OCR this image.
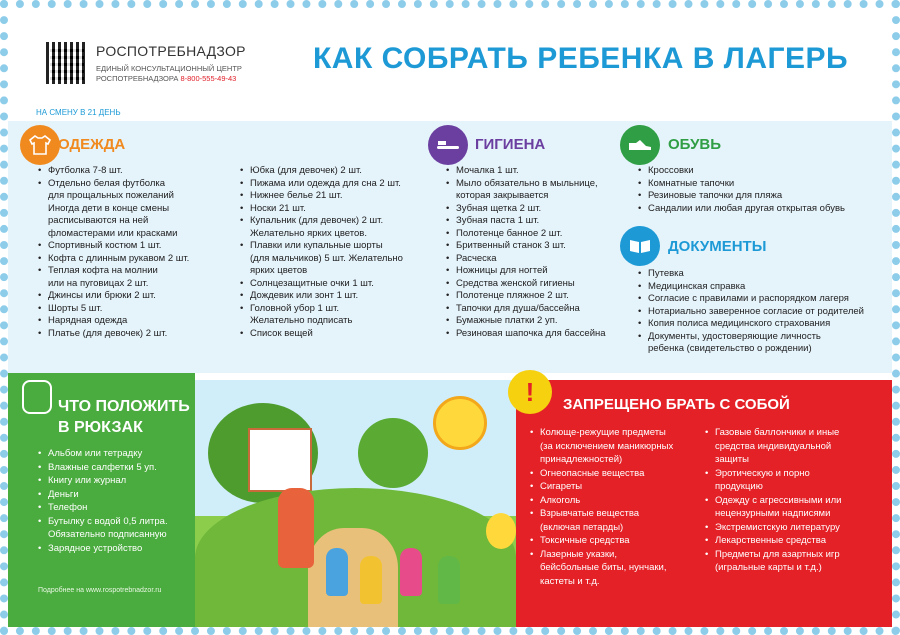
РОСПОТРЕБНАДЗОР
ЕДИНЫЙ КОНСУЛЬТАЦИОННЫЙ ЦЕНТР
РОСПОТРЕБНАДЗОРА 8-800-555-49-43
КАК СОБРАТЬ РЕБЕНКА В ЛАГЕРЬ
НА СМЕНУ В 21 ДЕНЬ
ОДЕЖДА
• Футболка 7-8 шт.
• Отдельно белая футболка
для прощальных пожеланий
Иногда дети в конце смены
расписываются на ней
фломастерами или красками
• Спортивный костюм 1 шт.
• Кофта с длинным рукавом 2 шт.
• Теплая кофта на молнии
или на пуговицах 2 шт.
• Джинсы или брюки 2 шт.
• Шорты 5 шт.
• Нарядная одежда
• Платье (для девочек) 2 шт.
• Юбка (для девочек) 2 шт.
• Пижама или одежда для сна 2 шт.
• Нижнее белье 21 шт.
• Носки 21 шт.
• Купальник (для девочек) 2 шт.
Желательно ярких цветов.
• Плавки или купальные шорты
(для мальчиков) 5 шт. Желательно
ярких цветов
• Солнцезащитные очки 1 шт.
• Дождевик или зонт 1 шт.
• Головной убор 1 шт.
Желательно подписать
• Список вещей
ГИГИЕНА
• Мочалка 1 шт.
• Мыло обязательно в мыльнице,
которая закрывается
• Зубная щетка 2 шт.
• Зубная паста 1 шт.
• Полотенце банное 2 шт.
• Бритвенный станок 3 шт.
• Расческа
• Ножницы для ногтей
• Средства женской гигиены
• Полотенце пляжное 2 шт.
• Тапочки для душа/бассейна
• Бумажные платки 2 уп.
• Резиновая шапочка для бассейна
ОБУВЬ
• Кроссовки
• Комнатные тапочки
• Резиновые тапочки для пляжа
• Сандалии или любая другая открытая обувь
ДОКУМЕНТЫ
• Путевка
• Медицинская справка
• Согласие с правилами и распорядком лагеря
• Нотариально заверенное согласие от родителей
• Копия полиса медицинского страхования
• Документы, удостоверяющие личность
ребенка (свидетельство о рождении)
ЧТО ПОЛОЖИТЬ
В РЮКЗАК
• Альбом или тетрадку
• Влажные салфетки 5 уп.
• Книгу или журнал
• Деньги
• Телефон
• Бутылку с водой 0,5 литра.
Обязательно подписанную
• Зарядное устройство
Подробнее на www.rospotrebnadzor.ru
!	ЗАПРЕЩЕНО БРАТЬ С СОБОЙ
• Колюще-режущие предметы
(за исключением маникюрных
принадлежностей)
• Огнеопасные вещества
• Сигареты
• Алкоголь
• Взрывчатые вещества
(включая петарды)
• Токсичные средства
• Лазерные указки,
бейсбольные биты, нунчаки,
кастеты и т.д.
• Газовые баллончики и иные
средства индивидуальной
защиты
• Эротическую и порно
продукцию
• Одежду с агрессивными или
нецензурными надписями
• Экстремистскую литературу
• Лекарственные средства
• Предметы для азартных игр
(игральные карты и т.д.)
